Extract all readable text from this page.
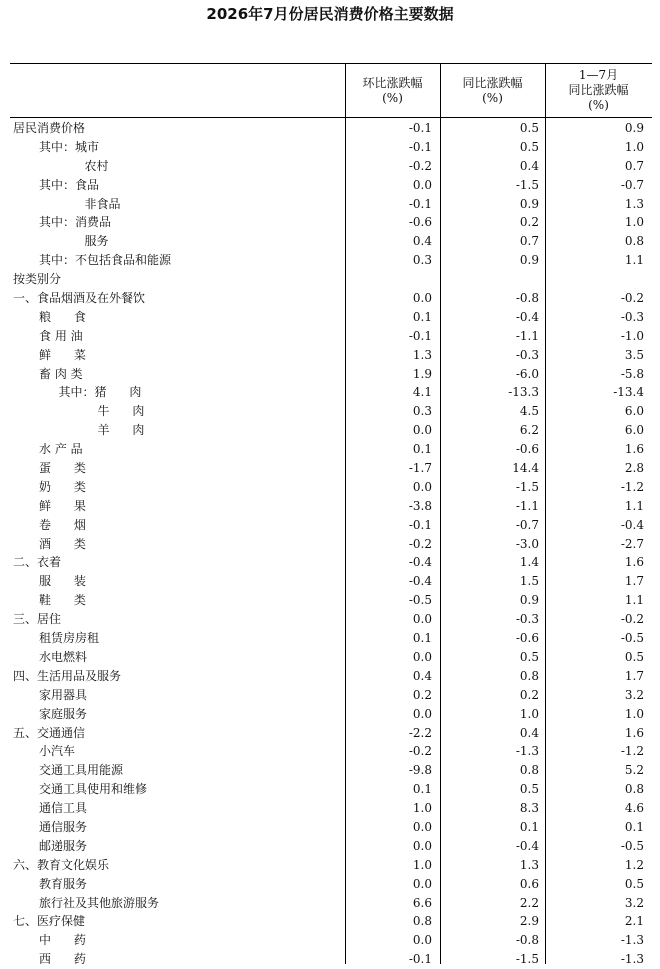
2026年7月份居民消费价格主要数据
环比涨跌幅
(%)
同比涨跌幅
(%)
1—7月
同比涨跌幅
(%)
居民消费价格	-0.1	0.5	0.9
其中：城市	-0.1	0.5	1.0
农村	-0.2	0.4	0.7
其中：食品	0.0	-1.5	-0.7
非食品	-0.1	0.9	1.3
其中：消费品	-0.6	0.2	1.0
服务	0.4	0.7	0.8
其中：不包括食品和能源	0.3	0.9	1.1
按类别分
一、食品烟酒及在外餐饮	0.0	-0.8	-0.2
粮      食	0.1	-0.4	-0.3
食 用 油	-0.1	-1.1	-1.0
鲜      菜	1.3	-0.3	3.5
畜 肉 类	1.9	-6.0	-5.8
其中：猪      肉	4.1	-13.3	-13.4
牛      肉	0.3	4.5	6.0
羊      肉	0.0	6.2	6.0
水 产 品	0.1	-0.6	1.6
蛋      类	-1.7	14.4	2.8
奶      类	0.0	-1.5	-1.2
鲜      果	-3.8	-1.1	1.1
卷      烟	-0.1	-0.7	-0.4
酒      类	-0.2	-3.0	-2.7
二、衣着	-0.4	1.4	1.6
服      装	-0.4	1.5	1.7
鞋      类	-0.5	0.9	1.1
三、居住	0.0	-0.3	-0.2
租赁房房租	0.1	-0.6	-0.5
水电燃料	0.0	0.5	0.5
四、生活用品及服务	0.4	0.8	1.7
家用器具	0.2	0.2	3.2
家庭服务	0.0	1.0	1.0
五、交通通信	-2.2	0.4	1.6
小汽车	-0.2	-1.3	-1.2
交通工具用能源	-9.8	0.8	5.2
交通工具使用和维修	0.1	0.5	0.8
通信工具	1.0	8.3	4.6
通信服务	0.0	0.1	0.1
邮递服务	0.0	-0.4	-0.5
六、教育文化娱乐	1.0	1.3	1.2
教育服务	0.0	0.6	0.5
旅行社及其他旅游服务	6.6	2.2	3.2
七、医疗保健	0.8	2.9	2.1
中      药	0.0	-0.8	-1.3
西      药	-0.1	-1.5	-1.3
